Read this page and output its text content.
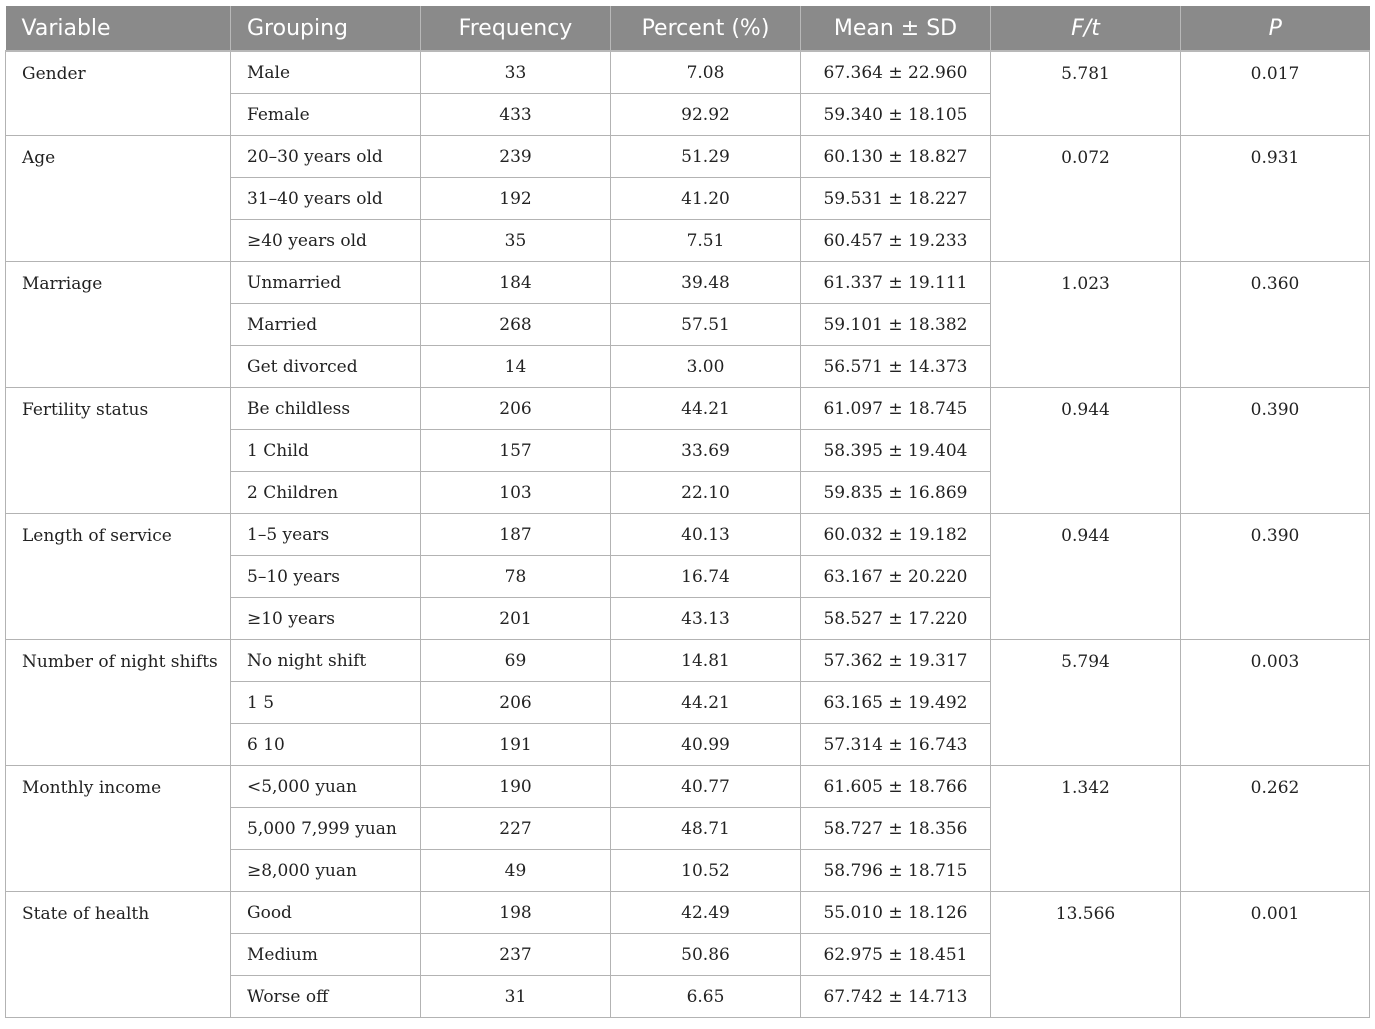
Variable	Grouping	Frequency	Percent (%)	Mean ± SD	F/t	P
Gender	Male	33	7.08	67.364 ± 22.960	5.781	0.017
	Female	433	92.92	59.340 ± 18.105		
Age	20–30 years old	239	51.29	60.130 ± 18.827	0.072	0.931
	31–40 years old	192	41.20	59.531 ± 18.227		
	≥40 years old	35	7.51	60.457 ± 19.233		
Marriage	Unmarried	184	39.48	61.337 ± 19.111	1.023	0.360
	Married	268	57.51	59.101 ± 18.382		
	Get divorced	14	3.00	56.571 ± 14.373		
Fertility status	Be childless	206	44.21	61.097 ± 18.745	0.944	0.390
	1 Child	157	33.69	58.395 ± 19.404		
	2 Children	103	22.10	59.835 ± 16.869		
Length of service	1–5 years	187	40.13	60.032 ± 19.182	0.944	0.390
	5–10 years	78	16.74	63.167 ± 20.220		
	≥10 years	201	43.13	58.527 ± 17.220		
Number of night shifts	No night shift	69	14.81	57.362 ± 19.317	5.794	0.003
	1 5	206	44.21	63.165 ± 19.492		
	6 10	191	40.99	57.314 ± 16.743		
Monthly income	<5,000 yuan	190	40.77	61.605 ± 18.766	1.342	0.262
	5,000 7,999 yuan	227	48.71	58.727 ± 18.356		
	≥8,000 yuan	49	10.52	58.796 ± 18.715		
State of health	Good	198	42.49	55.010 ± 18.126	13.566	0.001
	Medium	237	50.86	62.975 ± 18.451		
	Worse off	31	6.65	67.742 ± 14.713		
